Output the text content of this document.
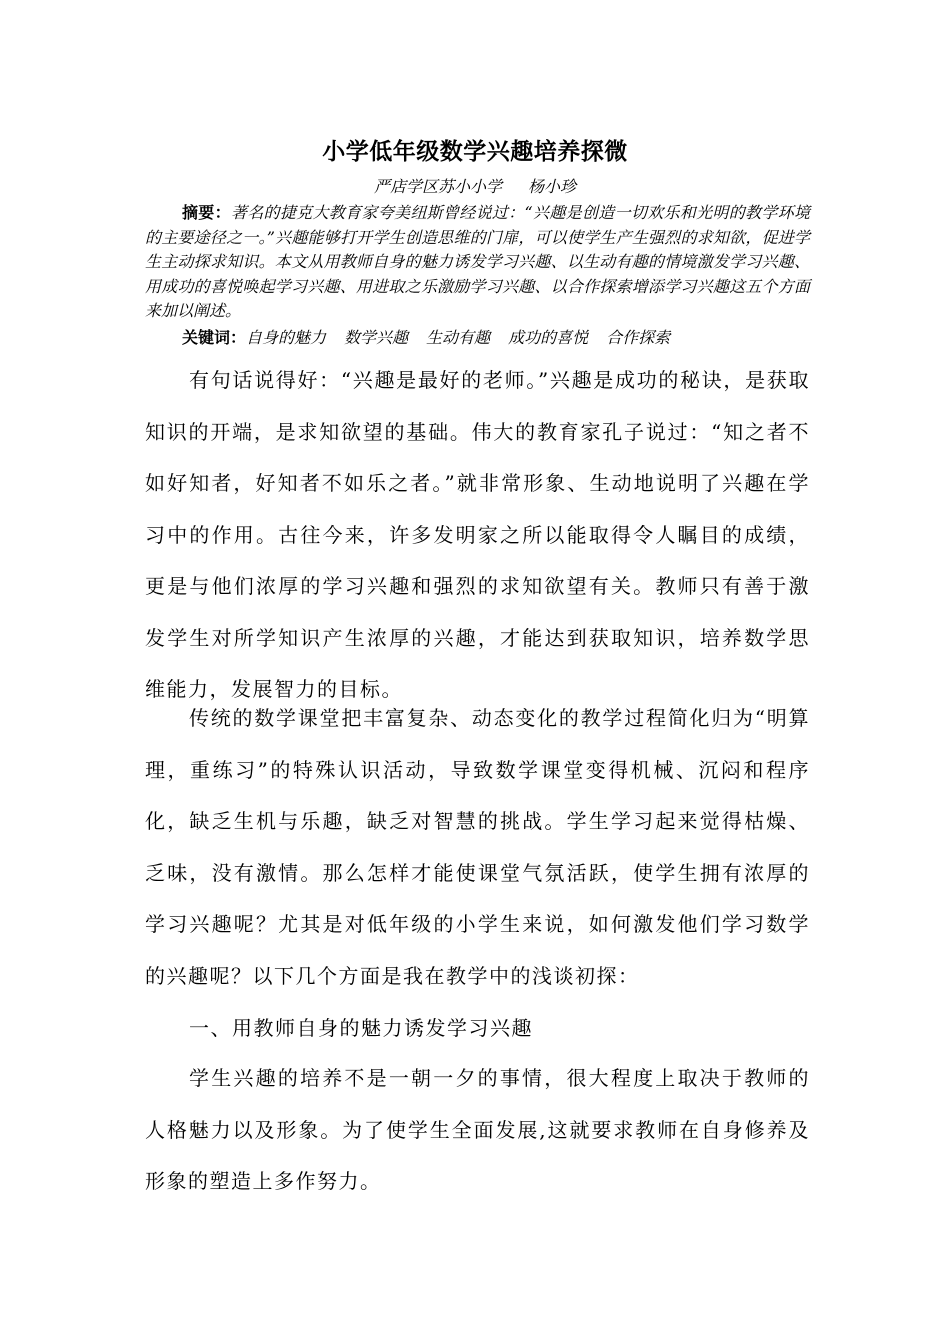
小学低年级数学兴趣培养探微
严店学区苏小小学 杨小珍

摘要：著名的捷克大教育家夸美纽斯曾经说过：“兴趣是创造一切欢乐和光明的教学环境的主要途径之一。”兴趣能够打开学生创造思维的门扉，可以使学生产生强烈的求知欲，促进学生主动探求知识。本文从用教师自身的魅力诱发学习兴趣、以生动有趣的情境激发学习兴趣、用成功的喜悦唤起学习兴趣、用进取之乐激励学习兴趣、以合作探索增添学习兴趣这五个方面来加以阐述。

关键词：自身的魅力 数学兴趣 生动有趣 成功的喜悦 合作探索

有句话说得好：“兴趣是最好的老师。”兴趣是成功的秘诀，是获取知识的开端，是求知欲望的基础。伟大的教育家孔子说过：“知之者不如好知者，好知者不如乐之者。”就非常形象、生动地说明了兴趣在学习中的作用。古往今来，许多发明家之所以能取得令人瞩目的成绩，更是与他们浓厚的学习兴趣和强烈的求知欲望有关。教师只有善于激发学生对所学知识产生浓厚的兴趣，才能达到获取知识，培养数学思维能力，发展智力的目标。

传统的数学课堂把丰富复杂、动态变化的教学过程简化归为“明算理，重练习”的特殊认识活动，导致数学课堂变得机械、沉闷和程序化，缺乏生机与乐趣，缺乏对智慧的挑战。学生学习起来觉得枯燥、乏味，没有激情。那么怎样才能使课堂气氛活跃，使学生拥有浓厚的学习兴趣呢？尤其是对低年级的小学生来说，如何激发他们学习数学的兴趣呢？以下几个方面是我在教学中的浅谈初探：

一、用教师自身的魅力诱发学习兴趣

学生兴趣的培养不是一朝一夕的事情，很大程度上取决于教师的人格魅力以及形象。为了使学生全面发展,这就要求教师在自身修养及形象的塑造上多作努力。
